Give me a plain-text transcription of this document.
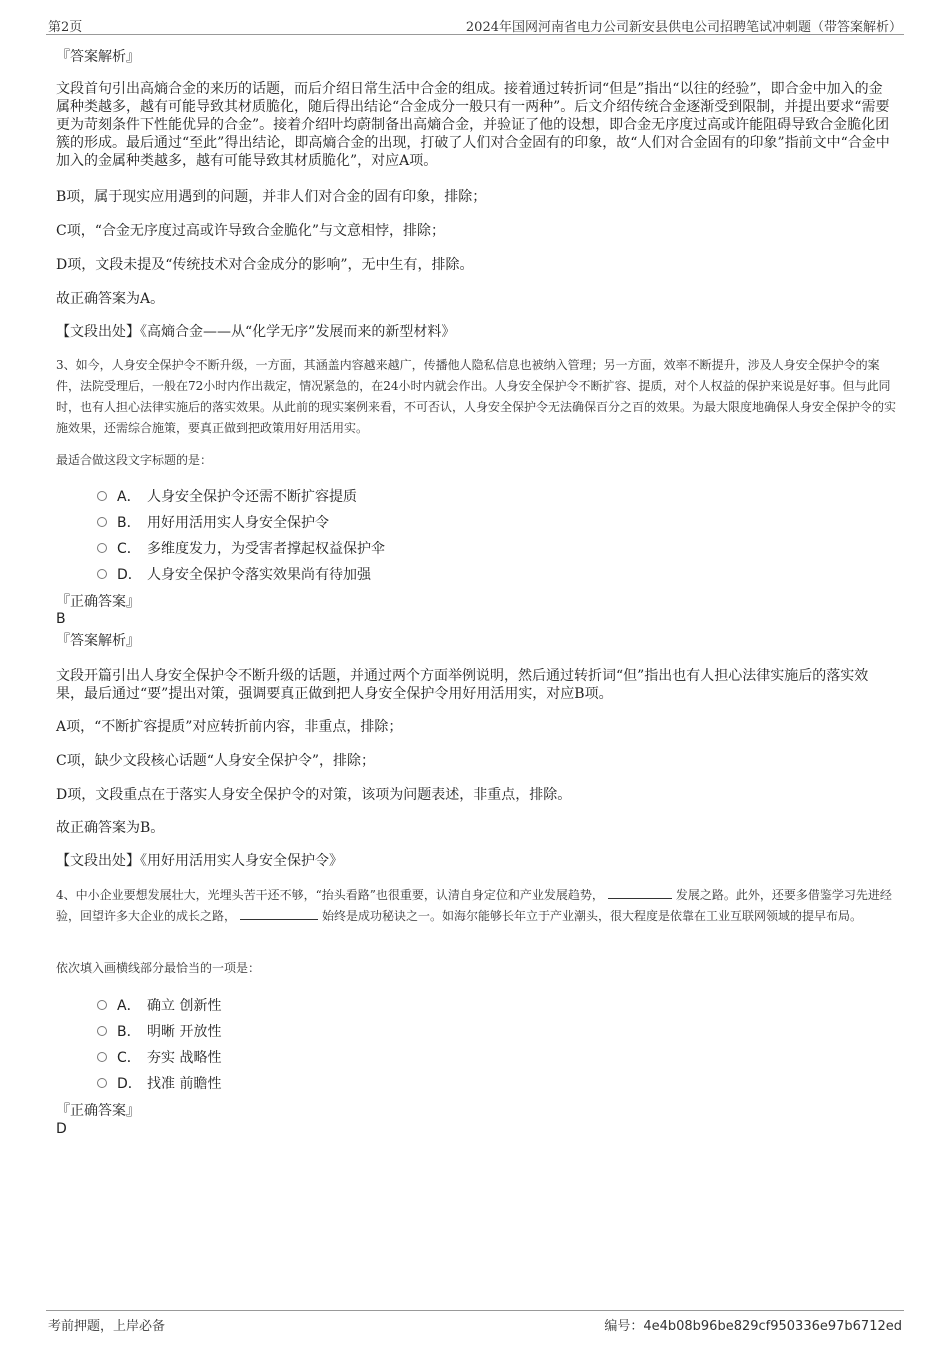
第2页	2024年国网河南省电力公司新安县供电公司招聘笔试冲刺题（带答案解析）
『答案解析』
文段首句引出高熵合金的来历的话题，而后介绍日常生活中合金的组成。接着通过转折词“但是”指出“以往的经验”，即合金中加入的金属种类越多，越有可能导致其材质脆化，随后得出结论“合金成分一般只有一两种”。后文介绍传统合金逐渐受到限制，并提出要求“需要更为苛刻条件下性能优异的合金”。接着介绍叶均蔚制备出高熵合金，并验证了他的设想，即合金无序度过高或许能阻碍导致合金脆化团簇的形成。最后通过“至此”得出结论，即高熵合金的出现，打破了人们对合金固有的印象，故“人们对合金固有的印象”指前文中“合金中加入的金属种类越多，越有可能导致其材质脆化”，对应A项。
B项，属于现实应用遇到的问题，并非人们对合金的固有印象，排除；
C项，“合金无序度过高或许导致合金脆化”与文意相悖，排除；
D项，文段未提及“传统技术对合金成分的影响”，无中生有，排除。
故正确答案为A。
【文段出处】《高熵合金——从“化学无序”发展而来的新型材料》
3、如今，人身安全保护令不断升级，一方面，其涵盖内容越来越广，传播他人隐私信息也被纳入管理；另一方面，效率不断提升，涉及人身安全保护令的案件，法院受理后，一般在72小时内作出裁定，情况紧急的，在24小时内就会作出。人身安全保护令不断扩容、提质，对个人权益的保护来说是好事。但与此同时，也有人担心法律实施后的落实效果。从此前的现实案例来看，不可否认，人身安全保护令无法确保百分之百的效果。为最大限度地确保人身安全保护令的实施效果，还需综合施策，要真正做到把政策用好用活用实。
最适合做这段文字标题的是：
A． 人身安全保护令还需不断扩容提质
B． 用好用活用实人身安全保护令
C． 多维度发力，为受害者撑起权益保护伞
D． 人身安全保护令落实效果尚有待加强
『正确答案』
B
『答案解析』
文段开篇引出人身安全保护令不断升级的话题，并通过两个方面举例说明，然后通过转折词“但”指出也有人担心法律实施后的落实效果，最后通过“要”提出对策，强调要真正做到把人身安全保护令用好用活用实，对应B项。
A项，“不断扩容提质”对应转折前内容，非重点，排除；
C项，缺少文段核心话题“人身安全保护令”，排除；
D项，文段重点在于落实人身安全保护令的对策，该项为问题表述，非重点，排除。
故正确答案为B。
【文段出处】《用好用活用实人身安全保护令》
4、中小企业要想发展壮大，光埋头苦干还不够，“抬头看路”也很重要，认清自身定位和产业发展趋势，	发展之路。此外，还要多借鉴学习先进经验，回望许多大企业的成长之路，	始终是成功秘诀之一。如海尔能够长年立于产业潮头，很大程度是依靠在工业互联网领域的提早布局。
依次填入画横线部分最恰当的一项是：
A． 确立 创新性
B． 明晰 开放性
C． 夯实 战略性
D． 找准 前瞻性
『正确答案』
D
考前押题，上岸必备	编号：4e4b08b96be829cf950336e97b6712ed
